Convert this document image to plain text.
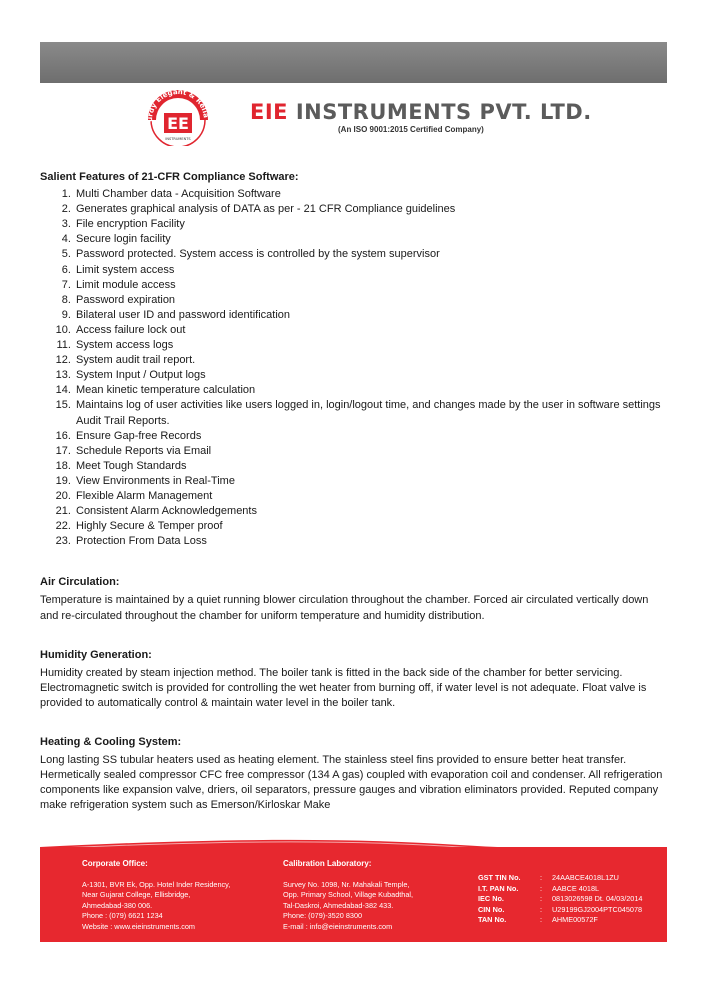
urdy Elegant & Relia
EE
INSTRUMENTS
EIE INSTRUMENTS PVT. LTD.
(An ISO 9001:2015 Certified Company)
Salient Features of 21-CFR Compliance Software:
1. Multi Chamber data - Acquisition Software
2. Generates graphical analysis of DATA as per - 21 CFR Compliance guidelines
3. File encryption Facility
4. Secure login facility
5. Password protected. System access is controlled by the system supervisor
6. Limit system access
7. Limit module access
8. Password expiration
9. Bilateral user ID and password identification
10. Access failure lock out
11. System access logs
12. System audit trail report.
13. System Input / Output logs
14. Mean kinetic temperature calculation
15. Maintains log of user activities like users logged in, login/logout time, and changes made by the user in software settings Audit Trail Reports.
16. Ensure Gap-free Records
17. Schedule Reports via Email
18. Meet Tough Standards
19. View Environments in Real-Time
20. Flexible Alarm Management
21. Consistent Alarm Acknowledgements
22. Highly Secure & Temper proof
23. Protection From Data Loss
Air Circulation:

Temperature is maintained by a quiet running blower circulation throughout the chamber. Forced air circulated vertically down and re-circulated throughout the chamber for uniform temperature and humidity distribution.

Humidity Generation:

Humidity created by steam injection method. The boiler tank is fitted in the back side of the chamber for better servicing. Electromagnetic switch is provided for controlling the wet heater from burning off, if water level is not adequate. Float valve is provided to automatically control & maintain water level in the boiler tank.

Heating & Cooling System:

Long lasting SS tubular heaters used as heating element. The stainless steel fins provided to ensure better heat transfer. Hermetically sealed compressor CFC free compressor (134 A gas) coupled with evaporation coil and condenser. All refrigeration components like expansion valve, driers, oil separators, pressure gauges and vibration eliminators provided. Reputed company make refrigeration system such as Emerson/Kirloskar Make

Corporate Office:
A-1301, BVR Ek, Opp. Hotel Inder Residency,
Near Gujarat College, Ellisbridge,
Ahmedabad-380 006.
Phone : (079) 6621 1234
Website : www.eieinstruments.com
Calibration Laboratory:
Survey No. 1098, Nr. Mahakali Temple,
Opp. Primary School, Village Kubadthal,
Tal-Daskroi, Ahmedabad-382 433.
Phone: (079)-3520 8300
E-mail : info@eieinstruments.com
GST TIN No.	:	24AABCE4018L1ZU
I.T. PAN No.	:	AABCE 4018L
IEC No.	:	0813026598 Dt. 04/03/2014
CIN No.	:	U29199GJ2004PTC045078
TAN No.	:	AHME00572F
